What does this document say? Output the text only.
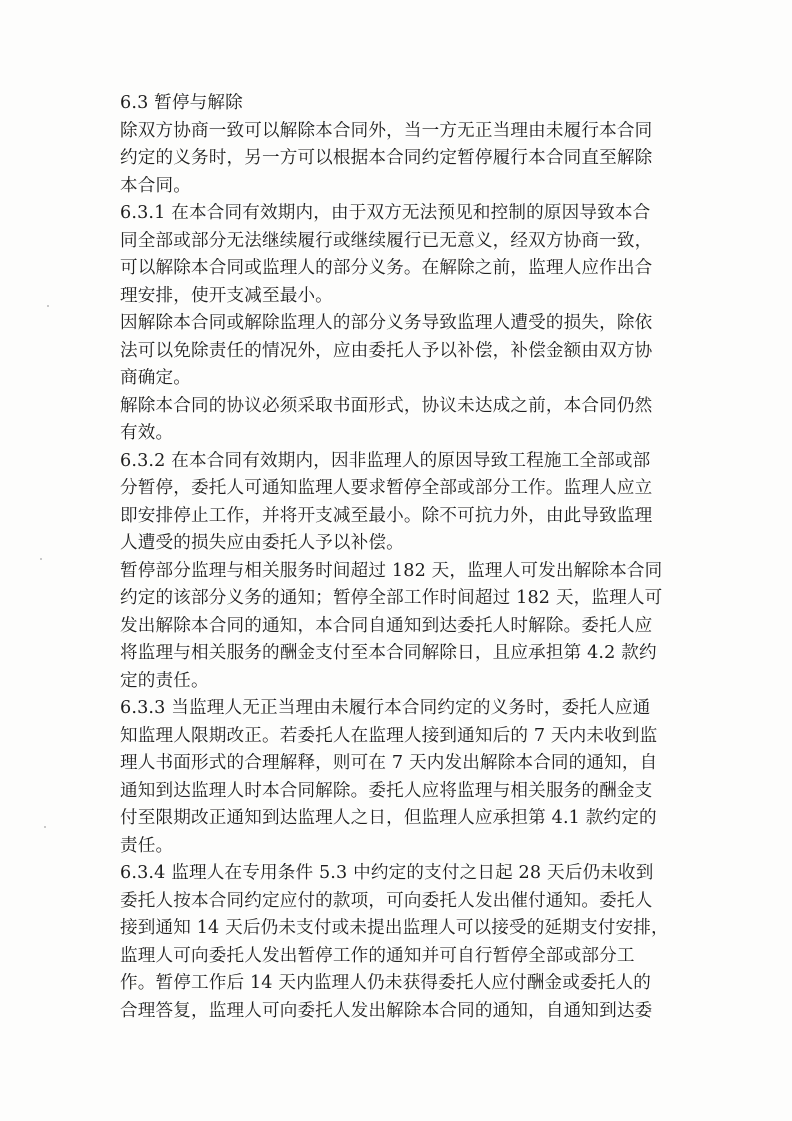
6.3 暂停与解除
除双方协商一致可以解除本合同外，当一方无正当理由未履行本合同
约定的义务时，另一方可以根据本合同约定暂停履行本合同直至解除
本合同。
6.3.1 在本合同有效期内，由于双方无法预见和控制的原因导致本合
同全部或部分无法继续履行或继续履行已无意义，经双方协商一致，
可以解除本合同或监理人的部分义务。在解除之前，监理人应作出合
理安排，使开支减至最小。
因解除本合同或解除监理人的部分义务导致监理人遭受的损失，除依
法可以免除责任的情况外，应由委托人予以补偿，补偿金额由双方协
商确定。
解除本合同的协议必须采取书面形式，协议未达成之前，本合同仍然
有效。
6.3.2 在本合同有效期内，因非监理人的原因导致工程施工全部或部
分暂停，委托人可通知监理人要求暂停全部或部分工作。监理人应立
即安排停止工作，并将开支减至最小。除不可抗力外，由此导致监理
人遭受的损失应由委托人予以补偿。
暂停部分监理与相关服务时间超过 182 天，监理人可发出解除本合同
约定的该部分义务的通知；暂停全部工作时间超过 182 天，监理人可
发出解除本合同的通知，本合同自通知到达委托人时解除。委托人应
将监理与相关服务的酬金支付至本合同解除日，且应承担第 4.2 款约
定的责任。
6.3.3 当监理人无正当理由未履行本合同约定的义务时，委托人应通
知监理人限期改正。若委托人在监理人接到通知后的 7 天内未收到监
理人书面形式的合理解释，则可在 7 天内发出解除本合同的通知，自
通知到达监理人时本合同解除。委托人应将监理与相关服务的酬金支
付至限期改正通知到达监理人之日，但监理人应承担第 4.1 款约定的
责任。
6.3.4 监理人在专用条件 5.3 中约定的支付之日起 28 天后仍未收到
委托人按本合同约定应付的款项，可向委托人发出催付通知。委托人
接到通知 14 天后仍未支付或未提出监理人可以接受的延期支付安排，
监理人可向委托人发出暂停工作的通知并可自行暂停全部或部分工
作。暂停工作后 14 天内监理人仍未获得委托人应付酬金或委托人的
合理答复，监理人可向委托人发出解除本合同的通知，自通知到达委
